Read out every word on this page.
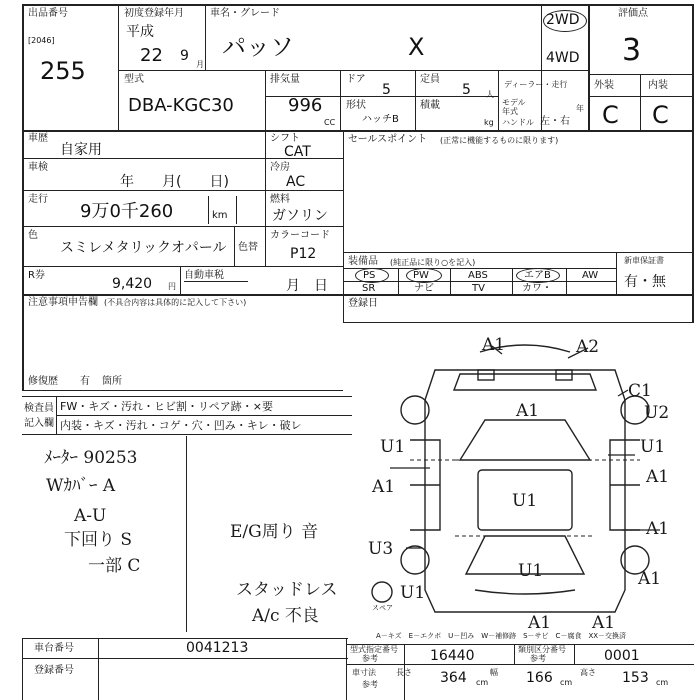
出品番号
[2046]
255
初度登録年月
平成
22 9
月
車名・グレード
パッソ	X
2WD
4WD
評価点
3
外装	内装
C C
型式
DBA-KGC30
排気量
996
CC
ドア
5
定員
5 人
ディーラー・走行
モデル年式	年
ハンドル 左・右
形状
ハッチB
積載
kg
車歴
自家用
シフト
CAT
セールスポイント (正常に機能するものに限ります)
車検
年　　月(　　日)
冷房
AC
走行
9万0千260	km
燃料
ガソリン
色
スミレメタリックオパール 色替
カラーコード
P12
R券
9,420 円
自動車税
月　日
装備品 (純正品に限り○を記入)
PS	PW	ABS	エアB	AW
SR	ナビ	TV	カワ・
新車保証書
有・無
登録日
注意事項申告欄 (不具合内容は具体的に記入して下さい)
修復歴 有 箇所
検査員
記入欄
FW・キズ・汚れ・ヒビ割・リペア跡・×要
内装・キズ・汚れ・コゲ・穴・凹み・キレ・破レ
ﾒｰﾀｰ 90253
Wｶﾊﾞｰ A
A-U
下回り S
一部 C
E/G周り 音
スタッドレス
A/c 不良
A1	A2
A1
C1
U2
U1	U1
A1
U1
A1
U1
U3
A1
U1
A1
A1
A1
スペア
A－キズ　E－エクボ　U－凹み　W－補修跡　S－サビ　C－腐食　XX－交換済
車台番号	0041213
登録番号
型式指定番号
参考	16440	類別区分番号
参考	0001
車寸法
参考
長さ 364 cm
幅 166 cm
高さ 153 cm
